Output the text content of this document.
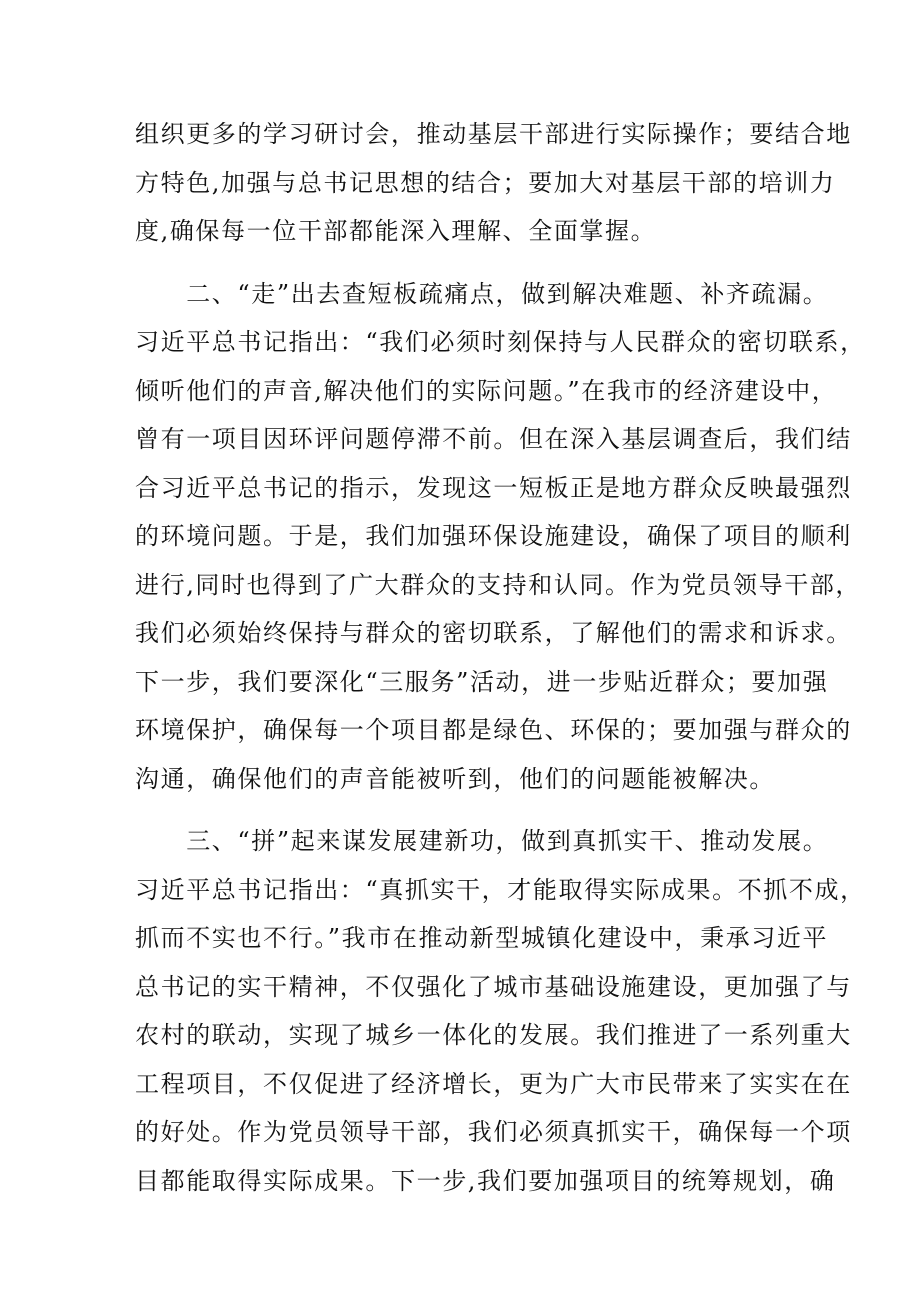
组织更多的学习研讨会，推动基层干部进行实际操作；要结合地
方特色,加强与总书记思想的结合；要加大对基层干部的培训力
度,确保每一位干部都能深入理解、全面掌握。
　　二、“走”出去查短板疏痛点，做到解决难题、补齐疏漏。
习近平总书记指出：“我们必须时刻保持与人民群众的密切联系，
倾听他们的声音,解决他们的实际问题。”在我市的经济建设中，
曾有一项目因环评问题停滞不前。但在深入基层调查后，我们结
合习近平总书记的指示，发现这一短板正是地方群众反映最强烈
的环境问题。于是，我们加强环保设施建设，确保了项目的顺利
进行,同时也得到了广大群众的支持和认同。作为党员领导干部，
我们必须始终保持与群众的密切联系，了解他们的需求和诉求。
下一步，我们要深化“三服务”活动，进一步贴近群众；要加强
环境保护，确保每一个项目都是绿色、环保的；要加强与群众的
沟通，确保他们的声音能被听到，他们的问题能被解决。
　　三、“拼”起来谋发展建新功，做到真抓实干、推动发展。
习近平总书记指出：“真抓实干，才能取得实际成果。不抓不成，
抓而不实也不行。”我市在推动新型城镇化建设中，秉承习近平
总书记的实干精神，不仅强化了城市基础设施建设，更加强了与
农村的联动，实现了城乡一体化的发展。我们推进了一系列重大
工程项目，不仅促进了经济增长，更为广大市民带来了实实在在
的好处。作为党员领导干部，我们必须真抓实干，确保每一个项
目都能取得实际成果。下一步,我们要加强项目的统筹规划，确
